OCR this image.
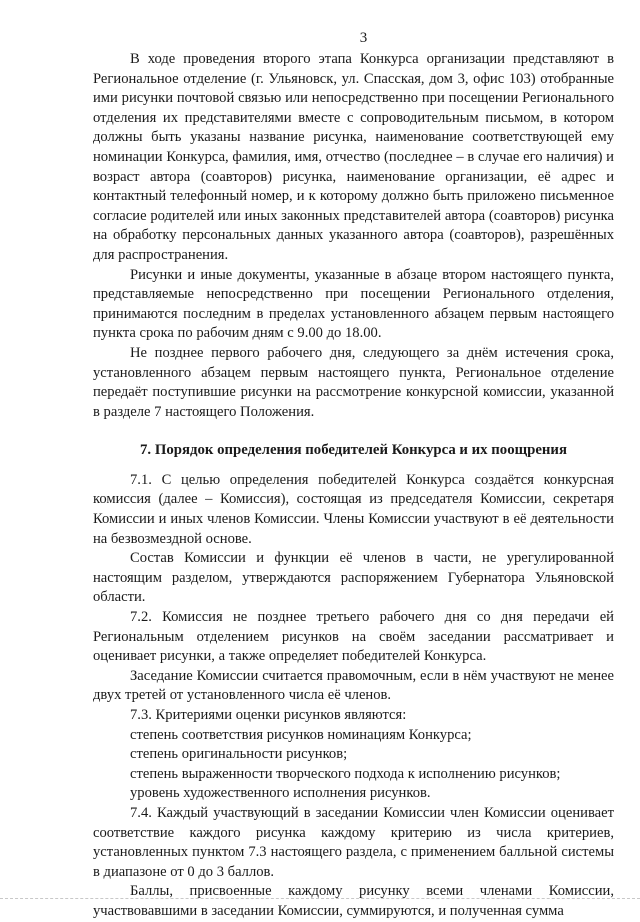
3

В ходе проведения второго этапа Конкурса организации представляют в Региональное отделение (г. Ульяновск, ул. Спасская, дом 3, офис 103) отобранные ими рисунки почтовой связью или непосредственно при посещении Регионального отделения их представителями вместе с сопроводительным письмом, в котором должны быть указаны название рисунка, наименование соответствующей ему номинации Конкурса, фамилия, имя, отчество (последнее – в случае его наличия) и возраст автора (соавторов) рисунка, наименование организации, её адрес и контактный телефонный номер, и к которому должно быть приложено письменное согласие родителей или иных законных представителей автора (соавторов) рисунка на обработку персональных данных указанного автора (соавторов), разрешённых для распространения.

Рисунки и иные документы, указанные в абзаце втором настоящего пункта, представляемые непосредственно при посещении Регионального отделения, принимаются последним в пределах установленного абзацем первым настоящего пункта срока по рабочим дням с 9.00 до 18.00.

Не позднее первого рабочего дня, следующего за днём истечения срока, установленного абзацем первым настоящего пункта, Региональное отделение передаёт поступившие рисунки на рассмотрение конкурсной комиссии, указанной в разделе 7 настоящего Положения.

7. Порядок определения победителей Конкурса и их поощрения

7.1. С целью определения победителей Конкурса создаётся конкурсная комиссия (далее – Комиссия), состоящая из председателя Комиссии, секретаря Комиссии и иных членов Комиссии. Члены Комиссии участвуют в её деятельности на безвозмездной основе.

Состав Комиссии и функции её членов в части, не урегулированной настоящим разделом, утверждаются распоряжением Губернатора Ульяновской области.

7.2. Комиссия не позднее третьего рабочего дня со дня передачи ей Региональным отделением рисунков на своём заседании рассматривает и оценивает рисунки, а также определяет победителей Конкурса.

Заседание Комиссии считается правомочным, если в нём участвуют не менее двух третей от установленного числа её членов.

7.3. Критериями оценки рисунков являются:

степень соответствия рисунков номинациям Конкурса;

степень оригинальности рисунков;

степень выраженности творческого подхода к исполнению рисунков;

уровень художественного исполнения рисунков.

7.4. Каждый участвующий в заседании Комиссии член Комиссии оценивает соответствие каждого рисунка каждому критерию из числа критериев, установленных пунктом 7.3 настоящего раздела, с применением балльной системы в диапазоне от 0 до 3 баллов.

Баллы, присвоенные каждому рисунку всеми членами Комиссии, участвовавшими в заседании Комиссии, суммируются, и полученная сумма
